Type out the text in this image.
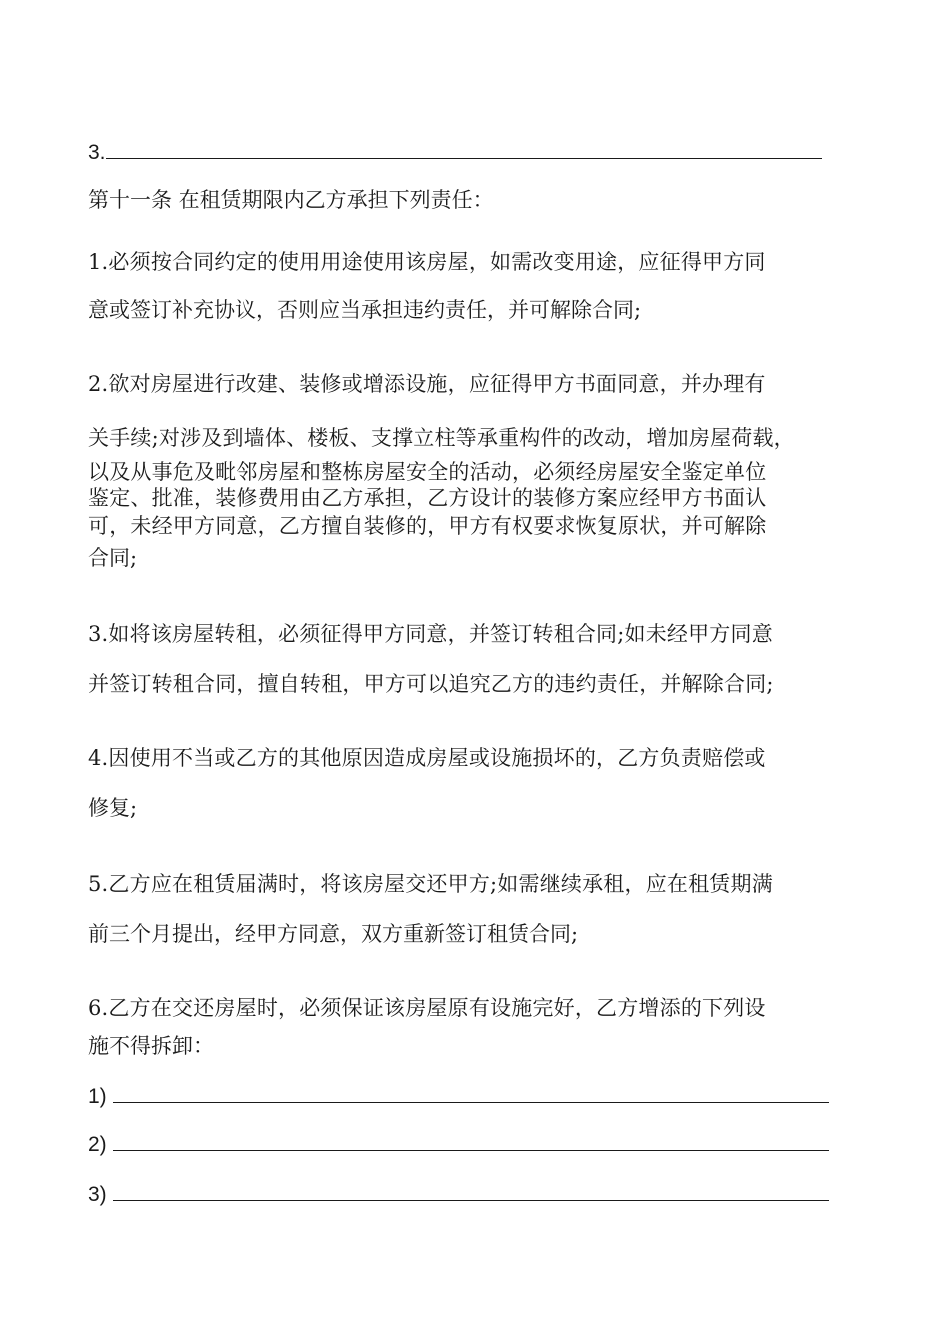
3.
第十一条 在租赁期限内乙方承担下列责任：
1.必须按合同约定的使用用途使用该房屋，如需改变用途，应征得甲方同
意或签订补充协议，否则应当承担违约责任，并可解除合同;
2.欲对房屋进行改建、装修或增添设施，应征得甲方书面同意，并办理有
关手续;对涉及到墙体、楼板、支撑立柱等承重构件的改动，增加房屋荷载，
以及从事危及毗邻房屋和整栋房屋安全的活动，必须经房屋安全鉴定单位
鉴定、批准，装修费用由乙方承担，乙方设计的装修方案应经甲方书面认
可，未经甲方同意，乙方擅自装修的，甲方有权要求恢复原状，并可解除
合同;
3.如将该房屋转租，必须征得甲方同意，并签订转租合同;如未经甲方同意
并签订转租合同，擅自转租，甲方可以追究乙方的违约责任，并解除合同;
4.因使用不当或乙方的其他原因造成房屋或设施损坏的，乙方负责赔偿或
修复;
5.乙方应在租赁届满时，将该房屋交还甲方;如需继续承租，应在租赁期满
前三个月提出，经甲方同意，双方重新签订租赁合同;
6.乙方在交还房屋时，必须保证该房屋原有设施完好，乙方增添的下列设
施不得拆卸：
1)
2)
3)
